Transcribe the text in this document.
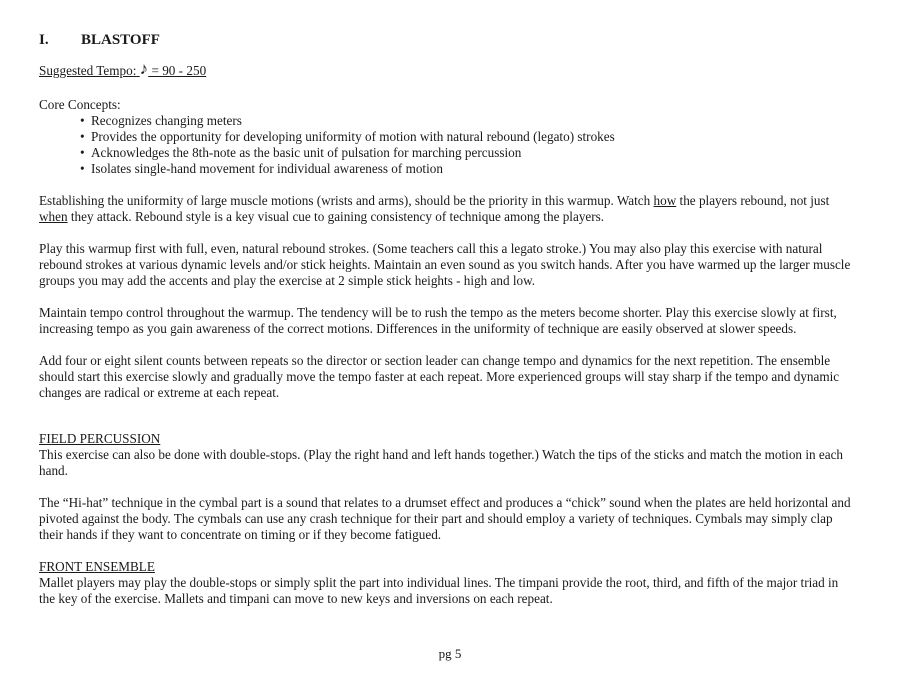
I.	BLASTOFF
Suggested Tempo: ♪ = 90 - 250

Core Concepts:

• Recognizes changing meters
• Provides the opportunity for developing uniformity of motion with natural rebound (legato) strokes
• Acknowledges the 8th-note as the basic unit of pulsation for marching percussion
• Isolates single-hand movement for individual awareness of motion

Establishing the uniformity of large muscle motions (wrists and arms), should be the priority in this warmup. Watch how the players rebound, not just when they attack. Rebound style is a key visual cue to gaining consistency of technique among the players.

Play this warmup first with full, even, natural rebound strokes. (Some teachers call this a legato stroke.) You may also play this exercise with natural rebound strokes at various dynamic levels and/or stick heights. Maintain an even sound as you switch hands. After you have warmed up the larger muscle groups you may add the accents and play the exercise at 2 simple stick heights - high and low.

Maintain tempo control throughout the warmup. The tendency will be to rush the tempo as the meters become shorter. Play this exercise slowly at first, increasing tempo as you gain awareness of the correct motions. Differences in the uniformity of technique are easily observed at slower speeds.

Add four or eight silent counts between repeats so the director or section leader can change tempo and dynamics for the next repetition. The ensemble should start this exercise slowly and gradually move the tempo faster at each repeat. More experienced groups will stay sharp if the tempo and dynamic changes are radical or extreme at each repeat.

FIELD PERCUSSION

This exercise can also be done with double-stops. (Play the right hand and left hands together.) Watch the tips of the sticks and match the motion in each hand.

The “Hi-hat” technique in the cymbal part is a sound that relates to a drumset effect and produces a “chick” sound when the plates are held horizontal and pivoted against the body. The cymbals can use any crash technique for their part and should employ a variety of techniques. Cymbals may simply clap their hands if they want to concentrate on timing or if they become fatigued.

FRONT ENSEMBLE

Mallet players may play the double-stops or simply split the part into individual lines. The timpani provide the root, third, and fifth of the major triad in the key of the exercise. Mallets and timpani can move to new keys and inversions on each repeat.

pg 5
